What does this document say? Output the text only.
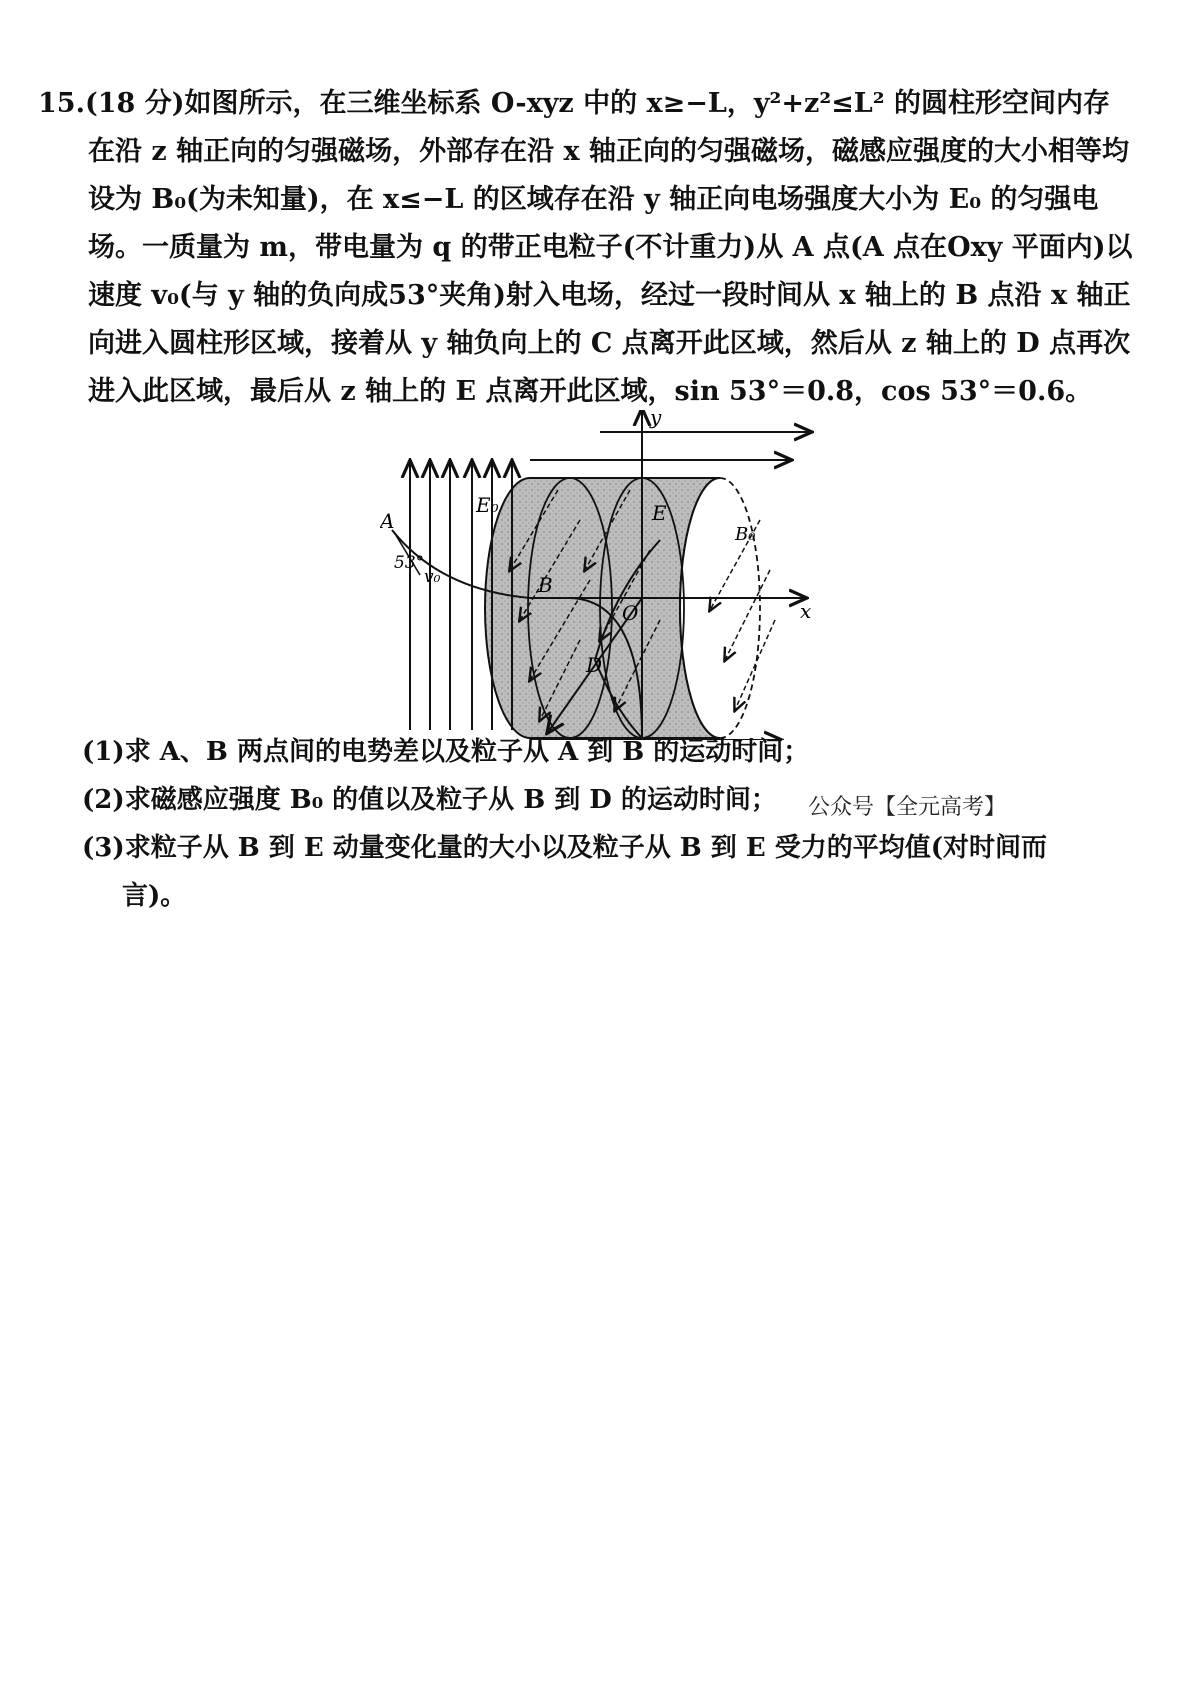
15.(18 分)如图所示，在三维坐标系 O-xyz 中的 x≥−L，y²+z²≤L² 的圆柱形空间内存

在沿 z 轴正向的匀强磁场，外部存在沿 x 轴正向的匀强磁场，磁感应强度的大小相等均

设为 B₀(为未知量)，在 x≤−L 的区域存在沿 y 轴正向电场强度大小为 E₀ 的匀强电

场。一质量为 m，带电量为 q 的带正电粒子(不计重力)从 A 点(A 点在Oxy 平面内)以

速度 v₀(与 y 轴的负向成53°夹角)射入电场，经过一段时间从 x 轴上的 B 点沿 x 轴正

向进入圆柱形区域，接着从 y 轴负向上的 C 点离开此区域，然后从 z 轴上的 D 点再次

进入此区域，最后从 z 轴上的 E 点离开此区域，sin 53°＝0.8，cos 53°＝0.6。

y
x
A
53°
v₀
E₀
B
O
E
D
B₀

(1)求 A、B 两点间的电势差以及粒子从 A 到 B 的运动时间；

(2)求磁感应强度 B₀ 的值以及粒子从 B 到 D 的运动时间；

(3)求粒子从 B 到 E 动量变化量的大小以及粒子从 B 到 E 受力的平均值(对时间而

言)。

公众号【全元高考】
